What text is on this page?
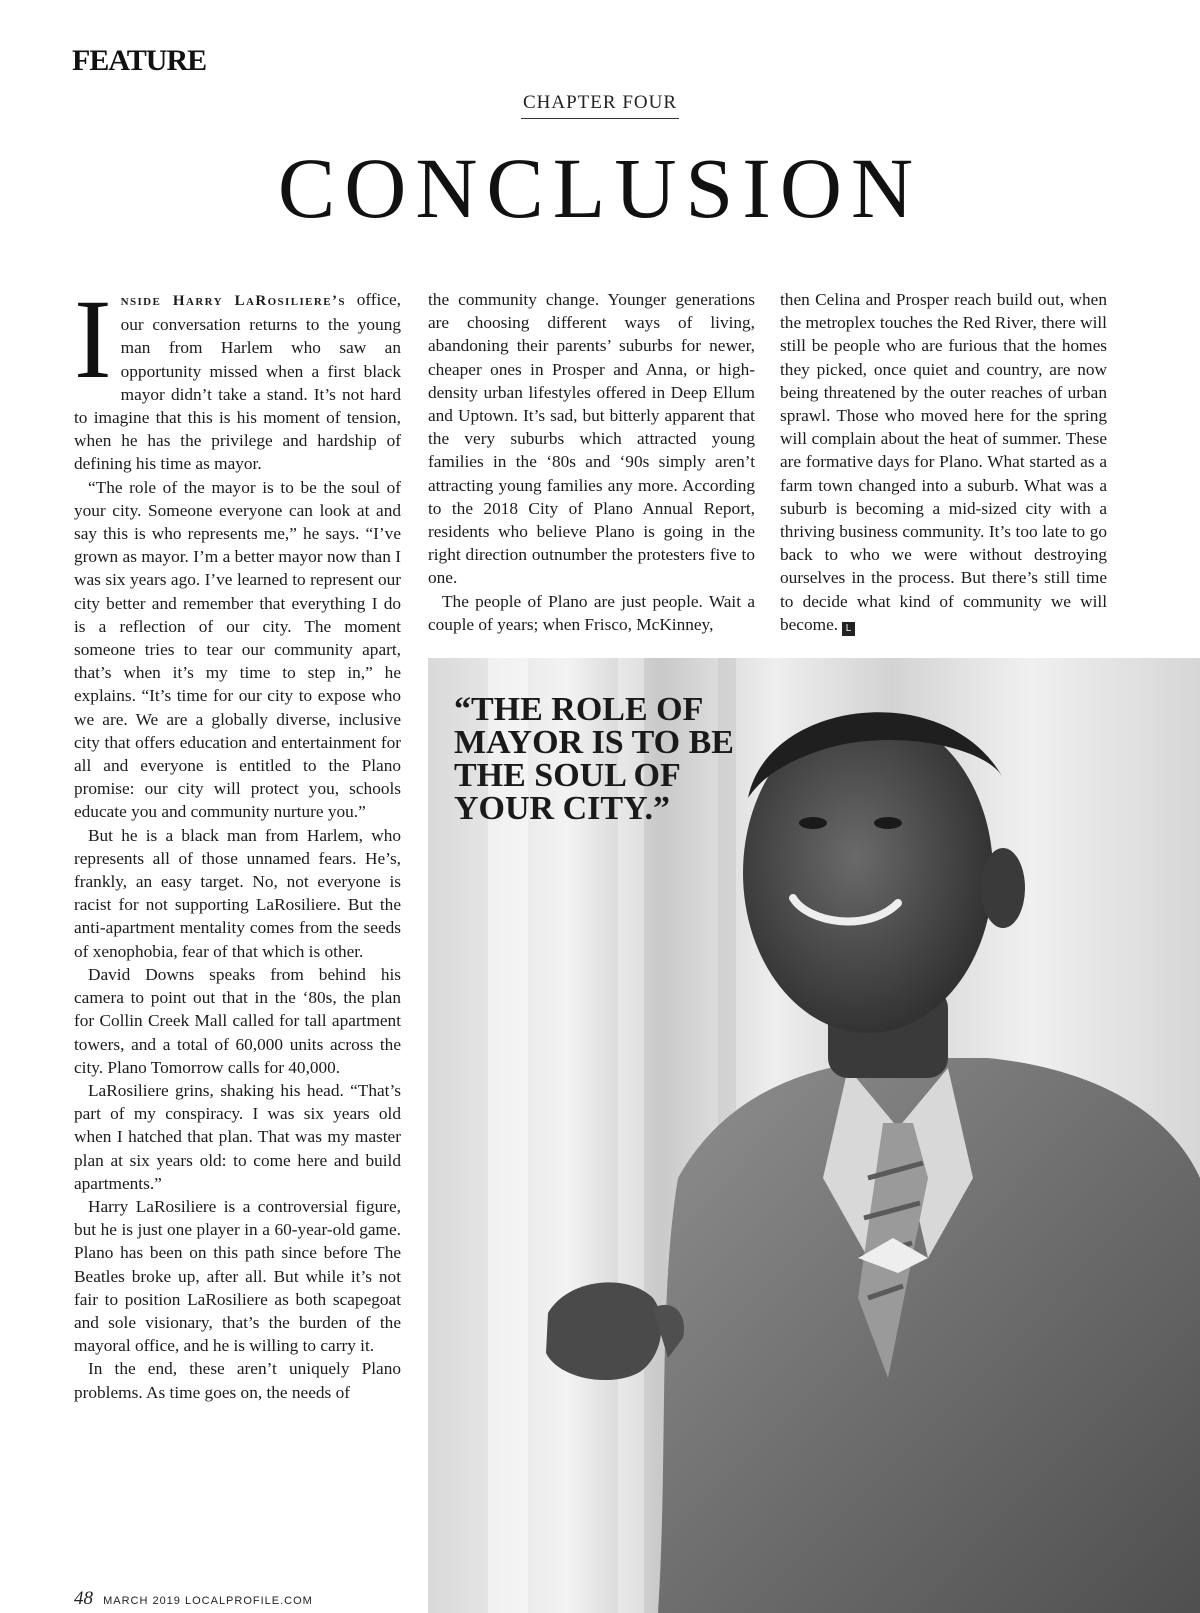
FEATURE
CHAPTER FOUR
CONCLUSION

Inside Harry LaRosiliere’s office, our conversation returns to the young man from Harlem who saw an opportunity missed when a first black mayor didn’t take a stand. It’s not hard to imagine that this is his moment of tension, when he has the privilege and hardship of defining his time as mayor.

“The role of the mayor is to be the soul of your city. Someone everyone can look at and say this is who represents me,” he says. “I’ve grown as mayor. I’m a better mayor now than I was six years ago. I’ve learned to represent our city better and remember that everything I do is a reflection of our city. The moment someone tries to tear our community apart, that’s when it’s my time to step in,” he explains. “It’s time for our city to expose who we are. We are a globally diverse, inclusive city that offers education and entertainment for all and everyone is entitled to the Plano promise: our city will protect you, schools educate you and community nurture you.”

But he is a black man from Harlem, who represents all of those unnamed fears. He’s, frankly, an easy target. No, not everyone is racist for not supporting LaRosiliere. But the anti-apartment mentality comes from the seeds of xenophobia, fear of that which is other.

David Downs speaks from behind his camera to point out that in the ‘80s, the plan for Collin Creek Mall called for tall apartment towers, and a total of 60,000 units across the city. Plano Tomorrow calls for 40,000.

LaRosiliere grins, shaking his head. “That’s part of my conspiracy. I was six years old when I hatched that plan. That was my master plan at six years old: to come here and build apartments.”

Harry LaRosiliere is a controversial figure, but he is just one player in a 60-year-old game. Plano has been on this path since before The Beatles broke up, after all. But while it’s not fair to position LaRosiliere as both scapegoat and sole visionary, that’s the burden of the mayoral office, and he is willing to carry it.

In the end, these aren’t uniquely Plano problems. As time goes on, the needs of

the community change. Younger generations are choosing different ways of living, abandoning their parents’ suburbs for newer, cheaper ones in Prosper and Anna, or high-density urban lifestyles offered in Deep Ellum and Uptown. It’s sad, but bitterly apparent that the very suburbs which attracted young families in the ‘80s and ‘90s simply aren’t attracting young families any more. According to the 2018 City of Plano Annual Report, residents who believe Plano is going in the right direction outnumber the protesters five to one.

The people of Plano are just people. Wait a couple of years; when Frisco, McKinney,

then Celina and Prosper reach build out, when the metroplex touches the Red River, there will still be people who are furious that the homes they picked, once quiet and country, are now being threatened by the outer reaches of urban sprawl. Those who moved here for the spring will complain about the heat of summer. These are formative days for Plano. What started as a farm town changed into a suburb. What was a suburb is becoming a mid-sized city with a thriving business community. It’s too late to go back to who we were without destroying ourselves in the process. But there’s still time to decide what kind of community we will become. L

“THE ROLE OF MAYOR IS TO BE THE SOUL OF YOUR CITY.”
48 MARCH 2019 LOCALPROFILE.COM
